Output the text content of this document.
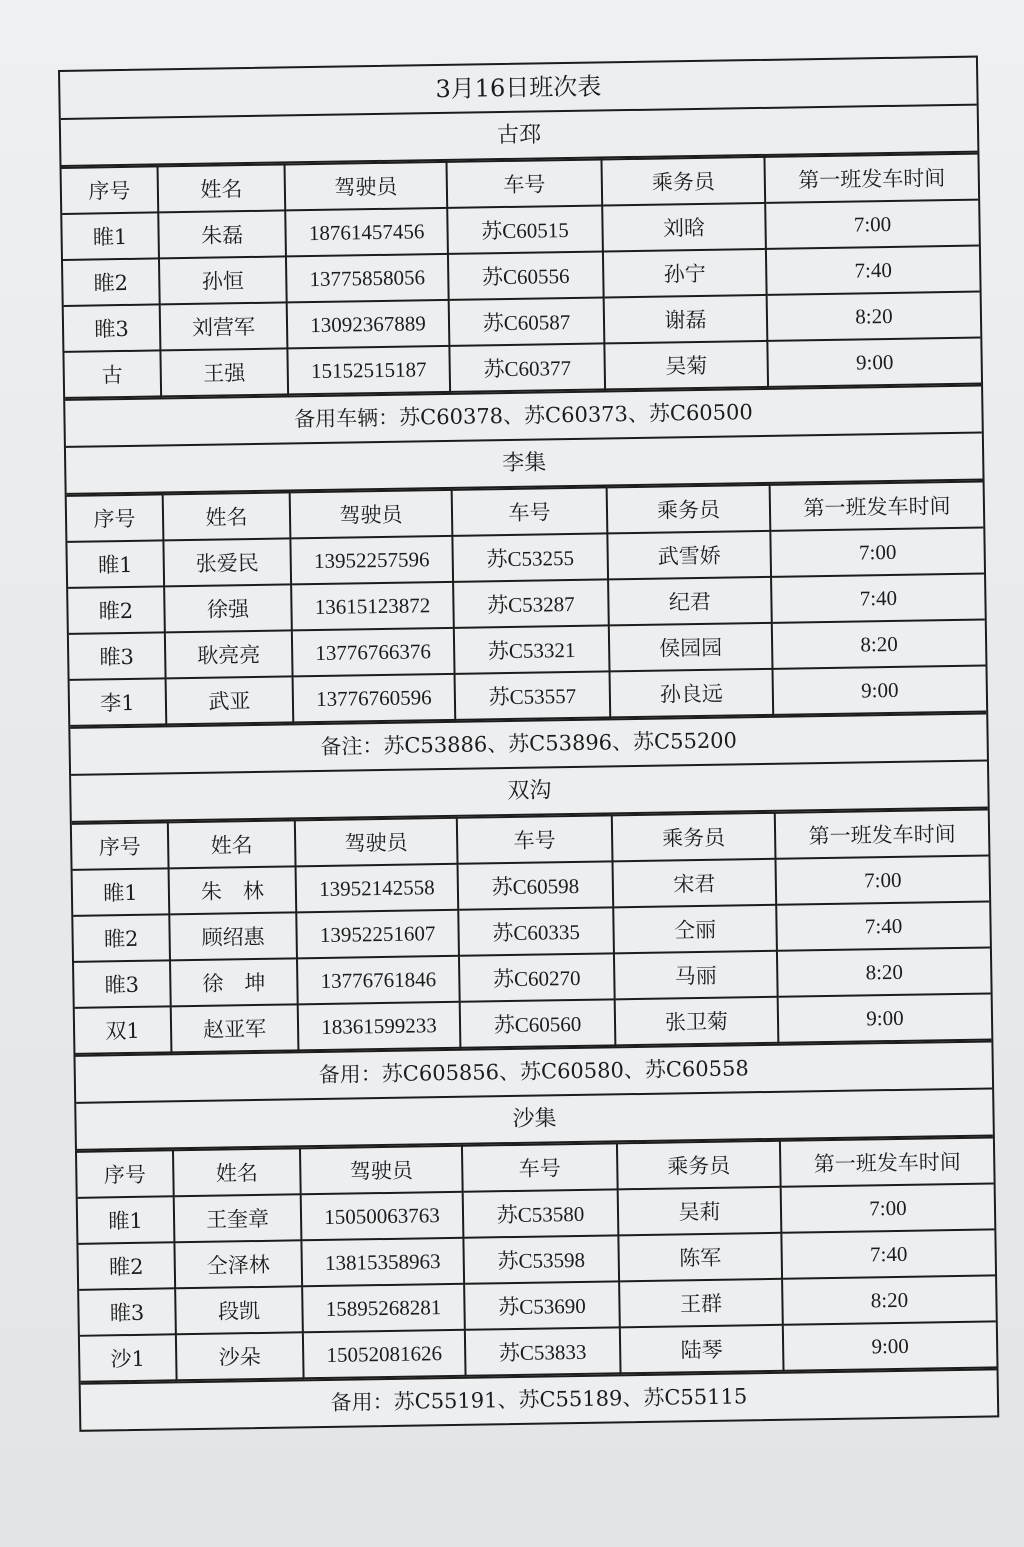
3月16日班次表
古邳
序号	姓名	驾驶员	车号	乘务员	第一班发车时间
睢1	朱磊	18761457456	苏C60515	刘晗	7:00
睢2	孙恒	13775858056	苏C60556	孙宁	7:40
睢3	刘营军	13092367889	苏C60587	谢磊	8:20
古	王强	15152515187	苏C60377	吴菊	9:00
备用车辆：苏C60378、苏C60373、苏C60500
李集
序号	姓名	驾驶员	车号	乘务员	第一班发车时间
睢1	张爱民	13952257596	苏C53255	武雪娇	7:00
睢2	徐强	13615123872	苏C53287	纪君	7:40
睢3	耿亮亮	13776766376	苏C53321	侯园园	8:20
李1	武亚	13776760596	苏C53557	孙良远	9:00
备注：苏C53886、苏C53896、苏C55200
双沟
序号	姓名	驾驶员	车号	乘务员	第一班发车时间
睢1	朱　林	13952142558	苏C60598	宋君	7:00
睢2	顾绍惠	13952251607	苏C60335	仝丽	7:40
睢3	徐　坤	13776761846	苏C60270	马丽	8:20
双1	赵亚军	18361599233	苏C60560	张卫菊	9:00
备用：苏C605856、苏C60580、苏C60558
沙集
序号	姓名	驾驶员	车号	乘务员	第一班发车时间
睢1	王奎章	15050063763	苏C53580	吴莉	7:00
睢2	仝泽林	13815358963	苏C53598	陈军	7:40
睢3	段凯	15895268281	苏C53690	王群	8:20
沙1	沙朵	15052081626	苏C53833	陆琴	9:00
备用：苏C55191、苏C55189、苏C55115
